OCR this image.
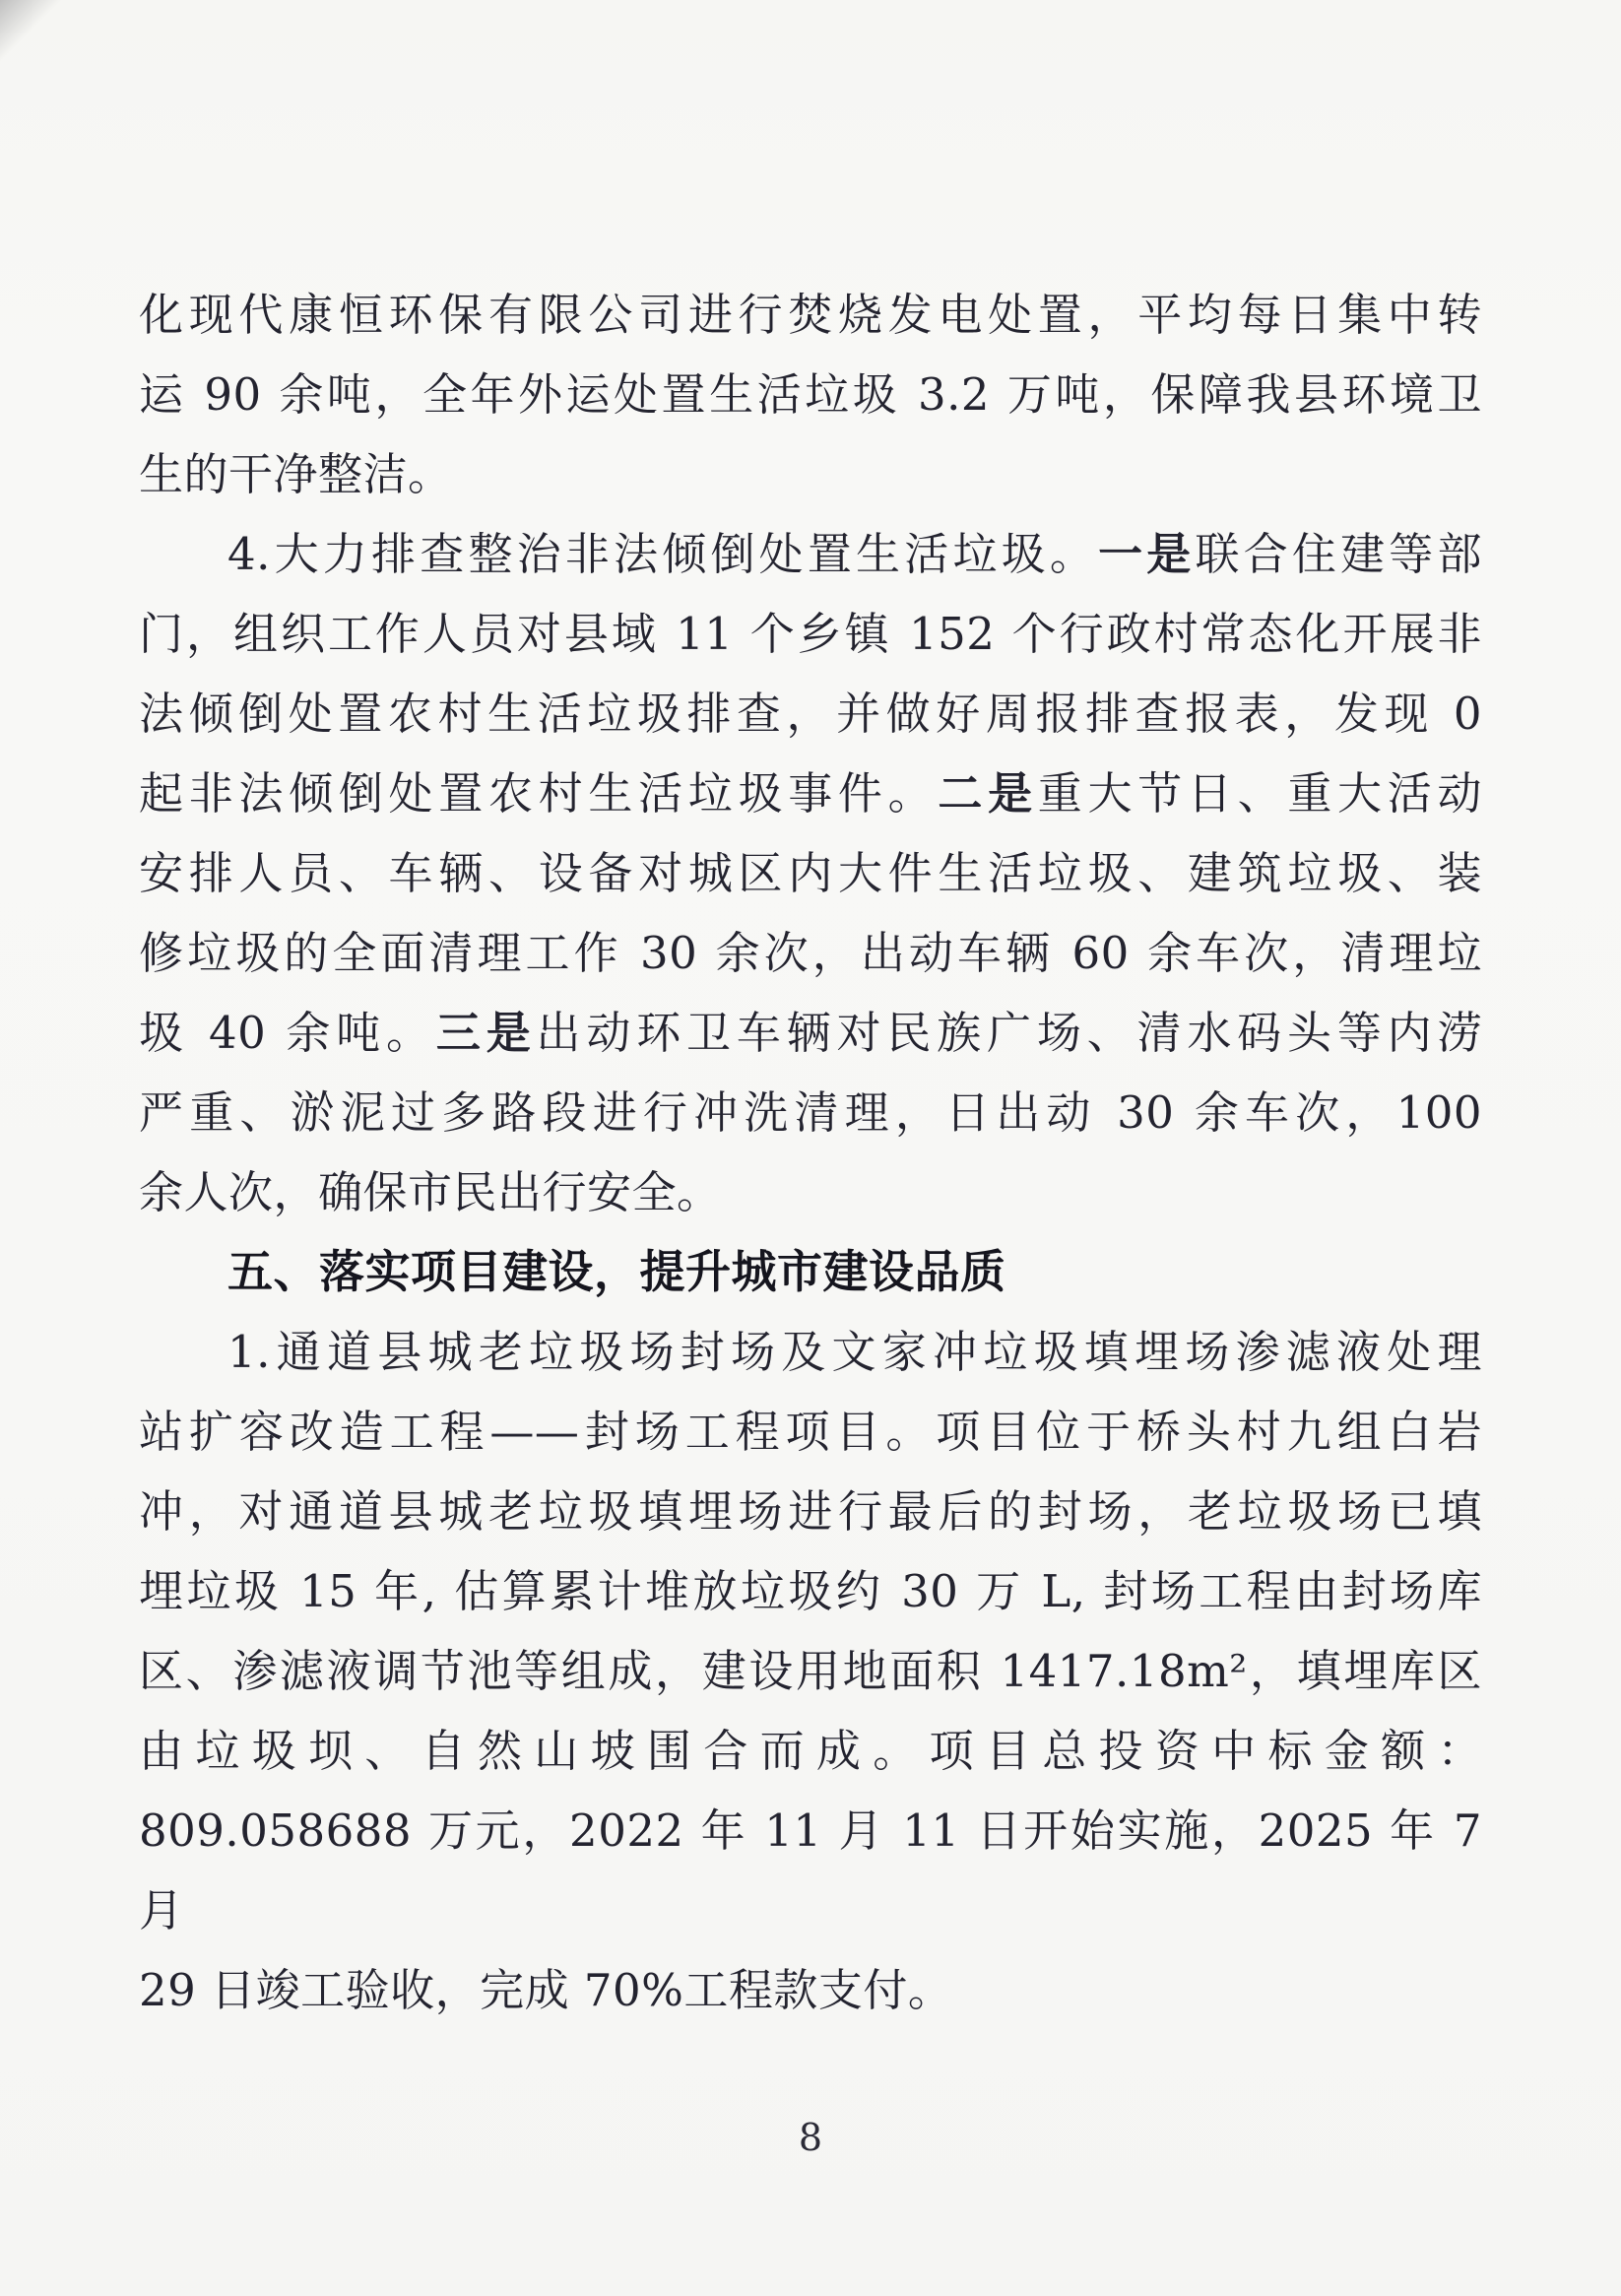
化现代康恒环保有限公司进行焚烧发电处置，平均每日集中转
运 90 余吨，全年外运处置生活垃圾 3.2 万吨，保障我县环境卫
生的干净整洁。
4.大力排查整治非法倾倒处置生活垃圾。一是联合住建等部
门，组织工作人员对县域 11 个乡镇 152 个行政村常态化开展非
法倾倒处置农村生活垃圾排查，并做好周报排查报表，发现 0
起非法倾倒处置农村生活垃圾事件。二是重大节日、重大活动
安排人员、车辆、设备对城区内大件生活垃圾、建筑垃圾、装
修垃圾的全面清理工作 30 余次，出动车辆 60 余车次，清理垃
圾 40 余吨。三是出动环卫车辆对民族广场、清水码头等内涝
严重、淤泥过多路段进行冲洗清理，日出动 30 余车次，100
余人次，确保市民出行安全。
五、落实项目建设，提升城市建设品质
1.通道县城老垃圾场封场及文家冲垃圾填埋场渗滤液处理
站扩容改造工程——封场工程项目。项目位于桥头村九组白岩
冲，对通道县城老垃圾填埋场进行最后的封场，老垃圾场已填
埋垃圾 15 年, 估算累计堆放垃圾约 30 万 L, 封场工程由封场库
区、渗滤液调节池等组成，建设用地面积 1417.18m²，填埋库区
由垃圾坝、自然山坡围合而成。项目总投资中标金额：
809.058688 万元，2022 年 11 月 11 日开始实施，2025 年 7 月
29 日竣工验收，完成 70%工程款支付。
8
